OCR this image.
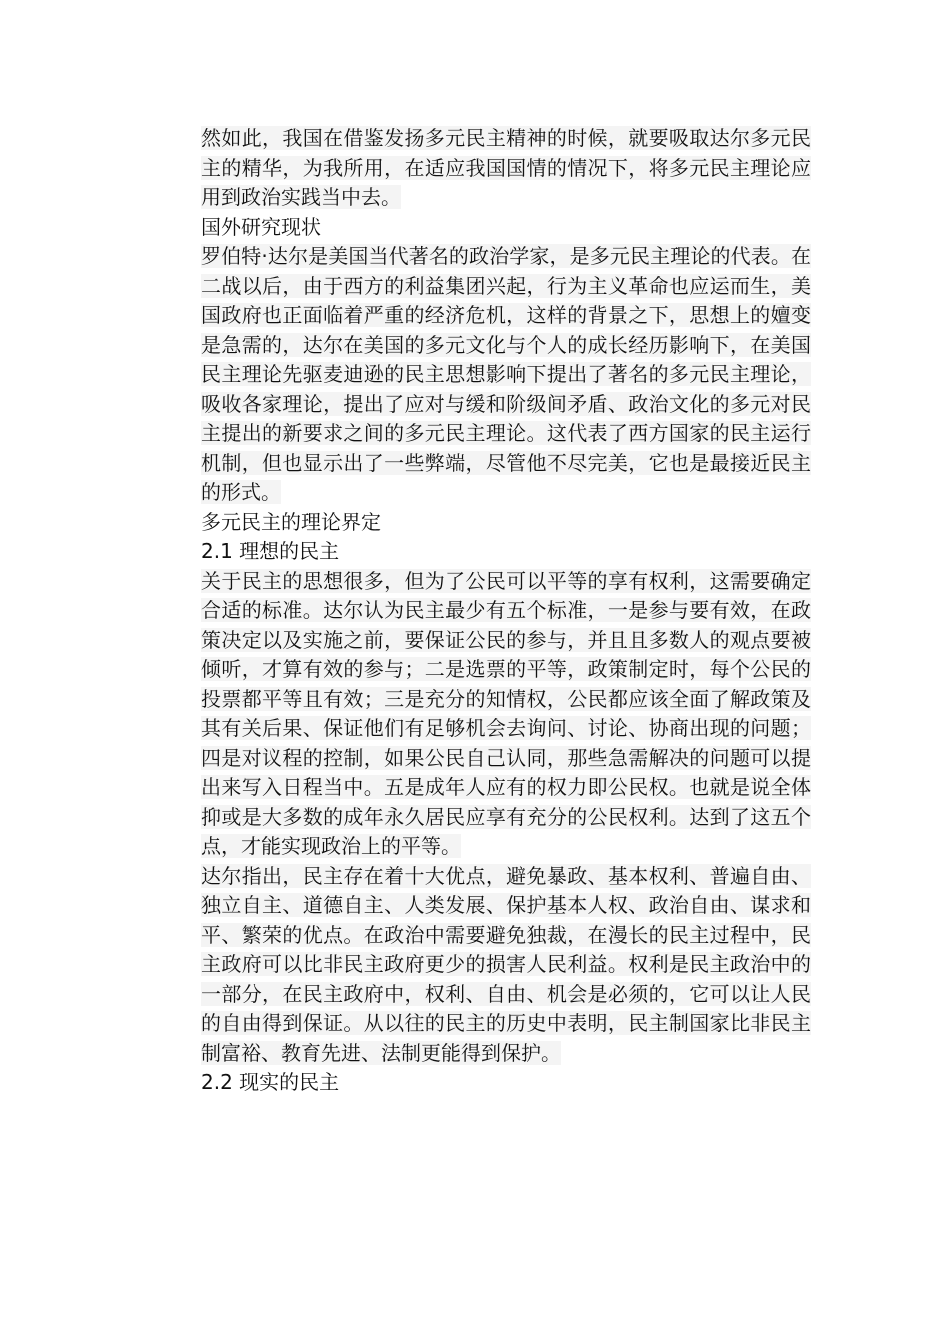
然如此，我国在借鉴发扬多元民主精神的时候，就要吸取达尔多元民主的精华，为我所用，在适应我国国情的情况下，将多元民主理论应用到政治实践当中去。

国外研究现状

罗伯特·达尔是美国当代著名的政治学家，是多元民主理论的代表。在二战以后，由于西方的利益集团兴起，行为主义革命也应运而生，美国政府也正面临着严重的经济危机，这样的背景之下，思想上的嬗变是急需的，达尔在美国的多元文化与个人的成长经历影响下，在美国民主理论先驱麦迪逊的民主思想影响下提出了著名的多元民主理论，吸收各家理论，提出了应对与缓和阶级间矛盾、政治文化的多元对民主提出的新要求之间的多元民主理论。这代表了西方国家的民主运行机制，但也显示出了一些弊端，尽管他不尽完美，它也是最接近民主的形式。

多元民主的理论界定

2.1 理想的民主

关于民主的思想很多，但为了公民可以平等的享有权利，这需要确定合适的标准。达尔认为民主最少有五个标准，一是参与要有效，在政策决定以及实施之前，要保证公民的参与，并且且多数人的观点要被倾听，才算有效的参与；二是选票的平等，政策制定时，每个公民的投票都平等且有效；三是充分的知情权，公民都应该全面了解政策及其有关后果、保证他们有足够机会去询问、讨论、协商出现的问题；四是对议程的控制，如果公民自己认同，那些急需解决的问题可以提出来写入日程当中。五是成年人应有的权力即公民权。也就是说全体抑或是大多数的成年永久居民应享有充分的公民权利。达到了这五个点，才能实现政治上的平等。

达尔指出，民主存在着十大优点，避免暴政、基本权利、普遍自由、独立自主、道德自主、人类发展、保护基本人权、政治自由、谋求和平、繁荣的优点。在政治中需要避免独裁，在漫长的民主过程中，民主政府可以比非民主政府更少的损害人民利益。权利是民主政治中的一部分，在民主政府中，权利、自由、机会是必须的，它可以让人民的自由得到保证。从以往的民主的历史中表明，民主制国家比非民主制富裕、教育先进、法制更能得到保护。

2.2 现实的民主
